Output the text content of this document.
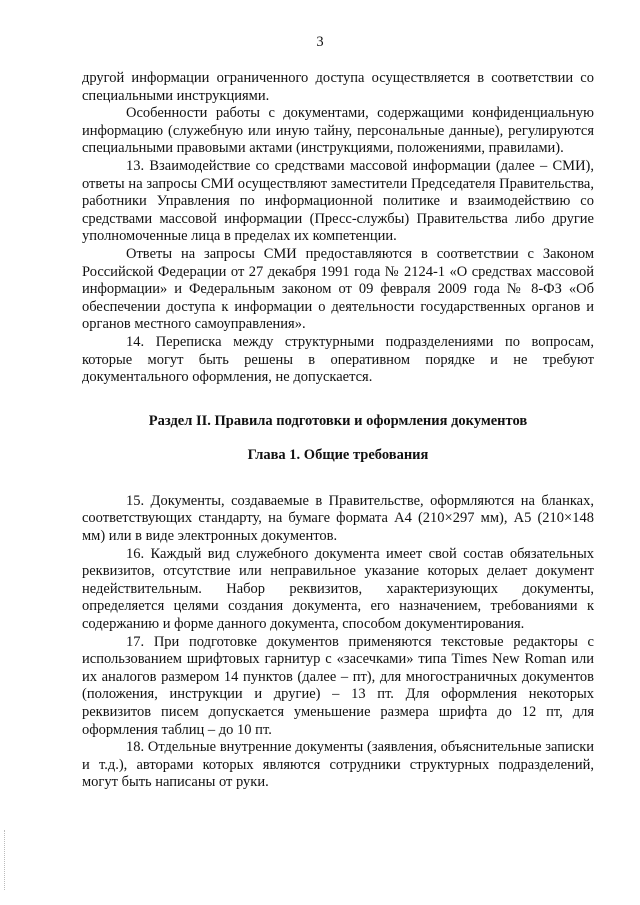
3

другой информации ограниченного доступа осуществляется в соответствии со специальными инструкциями.

Особенности работы с документами, содержащими конфиденциальную информацию (служебную или иную тайну, персональные данные), регулируются специальными правовыми актами (инструкциями, положениями, правилами).

13. Взаимодействие со средствами массовой информации (далее – СМИ), ответы на запросы СМИ осуществляют заместители Председателя Правительства, работники Управления по информационной политике и взаимодействию со средствами массовой информации (Пресс-службы) Правительства либо другие уполномоченные лица в пределах их компетенции.

Ответы на запросы СМИ предоставляются в соответствии с Законом Российской Федерации от 27 декабря 1991 года № 2124-1 «О средствах массовой информации» и Федеральным законом от 09 февраля 2009 года № 8-ФЗ «Об обеспечении доступа к информации о деятельности государственных органов и органов местного самоуправления».

14. Переписка между структурными подразделениями по вопросам, которые могут быть решены в оперативном порядке и не требуют документального оформления, не допускается.

Раздел II. Правила подготовки и оформления документов

Глава 1. Общие требования

15. Документы, создаваемые в Правительстве, оформляются на бланках, соответствующих стандарту, на бумаге формата А4 (210×297 мм), А5 (210×148 мм) или в виде электронных документов.

16. Каждый вид служебного документа имеет свой состав обязательных реквизитов, отсутствие или неправильное указание которых делает документ недействительным. Набор реквизитов, характеризующих документы, определяется целями создания документа, его назначением, требованиями к содержанию и форме данного документа, способом документирования.

17. При подготовке документов применяются текстовые редакторы с использованием шрифтовых гарнитур с «засечками» типа Times New Roman или их аналогов размером 14 пунктов (далее – пт), для многостраничных документов (положения, инструкции и другие) – 13 пт. Для оформления некоторых реквизитов писем допускается уменьшение размера шрифта до 12 пт, для оформления таблиц – до 10 пт.

18. Отдельные внутренние документы (заявления, объяснительные записки и т.д.), авторами которых являются сотрудники структурных подразделений, могут быть написаны от руки.
